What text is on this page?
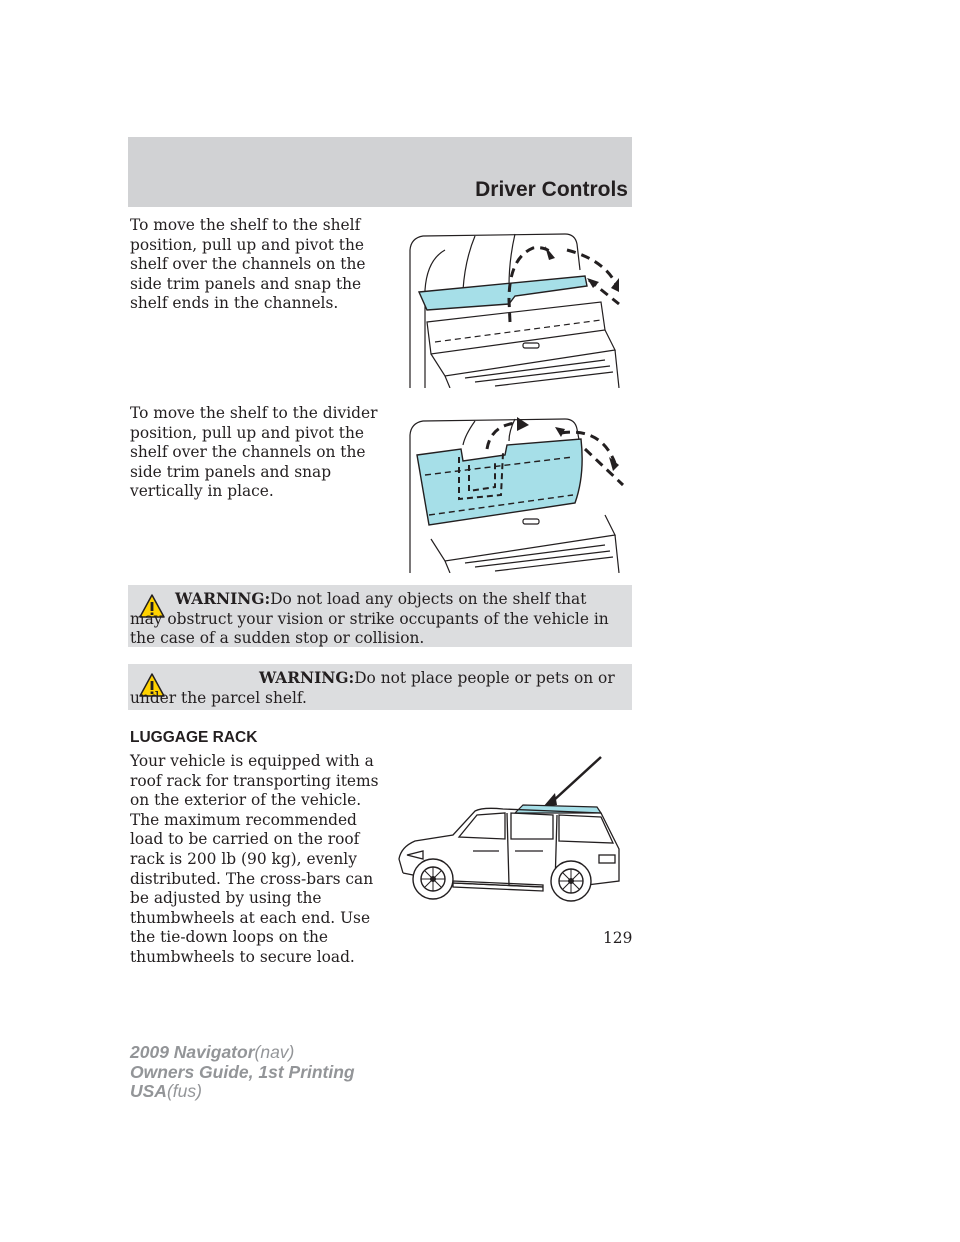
Driver Controls

To move the shelf to the shelf position, pull up and pivot the shelf over the channels on the side trim panels and snap the shelf ends in the channels.

To move the shelf to the divider position, pull up and pivot the shelf over the channels on the side trim panels and snap vertically in place.

WARNING:Do not load any objects on the shelf that may obstruct your vision or strike occupants of the vehicle in the case of a sudden stop or collision.
WARNING:Do not place people or pets on or under the parcel shelf.
LUGGAGE RACK

Your vehicle is equipped with a roof rack for transporting items on the exterior of the vehicle. The maximum recommended load to be carried on the roof rack is 200 lb (90 kg), evenly distributed. The cross-bars can be adjusted by using the thumbwheels at each end. Use the tie-down loops on the thumbwheels to secure load.

129
2009 Navigator(nav)
Owners Guide, 1st Printing
USA(fus)
